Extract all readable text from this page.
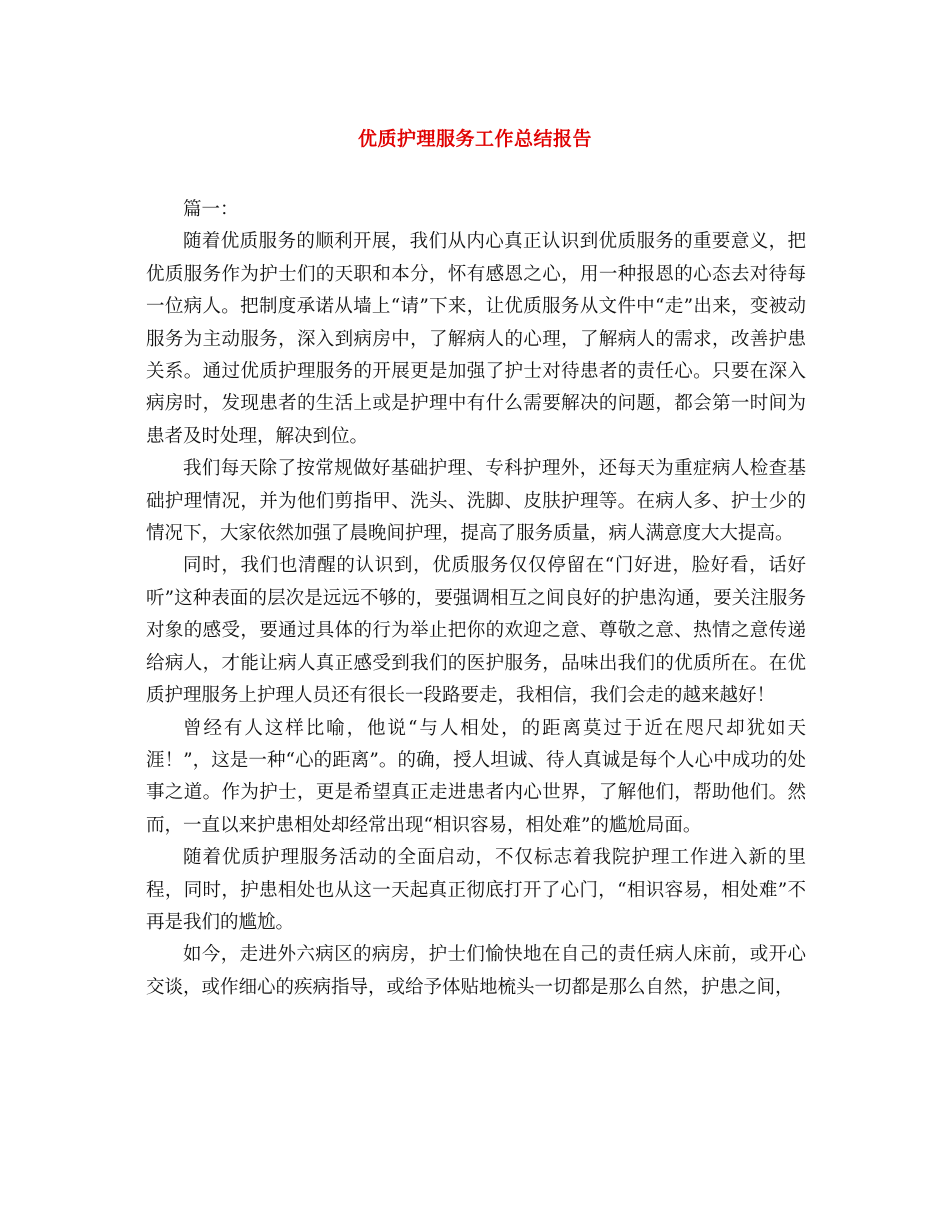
优质护理服务工作总结报告

篇一：

随着优质服务的顺利开展，我们从内心真正认识到优质服务的重要意义，把优质服务作为护士们的天职和本分，怀有感恩之心，用一种报恩的心态去对待每一位病人。把制度承诺从墙上“请”下来，让优质服务从文件中“走”出来，变被动服务为主动服务，深入到病房中，了解病人的心理，了解病人的需求，改善护患关系。通过优质护理服务的开展更是加强了护士对待患者的责任心。只要在深入病房时，发现患者的生活上或是护理中有什么需要解决的问题，都会第一时间为患者及时处理，解决到位。

我们每天除了按常规做好基础护理、专科护理外，还每天为重症病人检查基础护理情况，并为他们剪指甲、洗头、洗脚、皮肤护理等。在病人多、护士少的情况下，大家依然加强了晨晚间护理，提高了服务质量，病人满意度大大提高。

同时，我们也清醒的认识到，优质服务仅仅停留在“门好进，脸好看，话好听”这种表面的层次是远远不够的，要强调相互之间良好的护患沟通，要关注服务对象的感受，要通过具体的行为举止把你的欢迎之意、尊敬之意、热情之意传递给病人，才能让病人真正感受到我们的医护服务，品味出我们的优质所在。在优质护理服务上护理人员还有很长一段路要走，我相信，我们会走的越来越好！

曾经有人这样比喻，他说“与人相处，的距离莫过于近在咫尺却犹如天涯！”，这是一种“心的距离”。的确，授人坦诚、待人真诚是每个人心中成功的处事之道。作为护士，更是希望真正走进患者内心世界，了解他们，帮助他们。然而，一直以来护患相处却经常出现“相识容易，相处难”的尴尬局面。

随着优质护理服务活动的全面启动，不仅标志着我院护理工作进入新的里程，同时，护患相处也从这一天起真正彻底打开了心门，“相识容易，相处难”不再是我们的尴尬。

如今，走进外六病区的病房，护士们愉快地在自己的责任病人床前，或开心交谈，或作细心的疾病指导，或给予体贴地梳头一切都是那么自然，护患之间，
